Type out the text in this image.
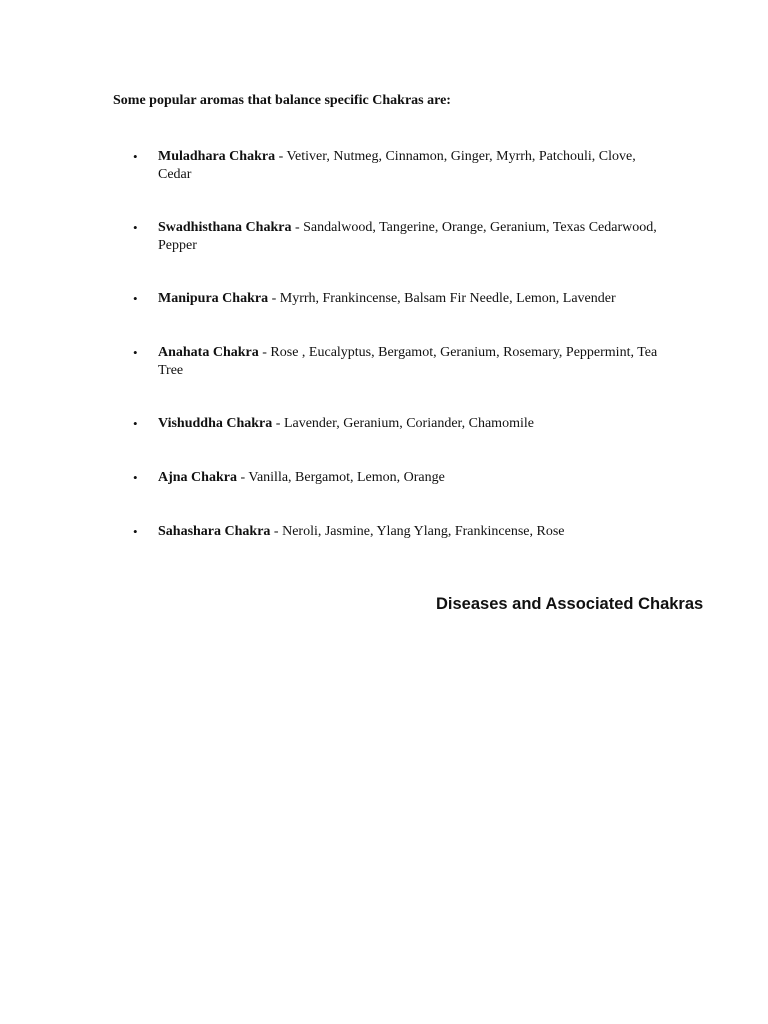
Some popular aromas that balance specific Chakras are:

• Muladhara Chakra - Vetiver, Nutmeg, Cinnamon, Ginger, Myrrh, Patchouli, Clove, Cedar
• Swadhisthana Chakra - Sandalwood, Tangerine, Orange, Geranium, Texas Cedarwood, Pepper
• Manipura Chakra - Myrrh, Frankincense, Balsam Fir Needle, Lemon, Lavender
• Anahata Chakra - Rose , Eucalyptus, Bergamot, Geranium, Rosemary, Peppermint, Tea Tree
• Vishuddha Chakra - Lavender, Geranium, Coriander, Chamomile
• Ajna Chakra - Vanilla, Bergamot, Lemon, Orange
• Sahashara Chakra - Neroli, Jasmine, Ylang Ylang, Frankincense, Rose
Diseases and Associated Chakras
